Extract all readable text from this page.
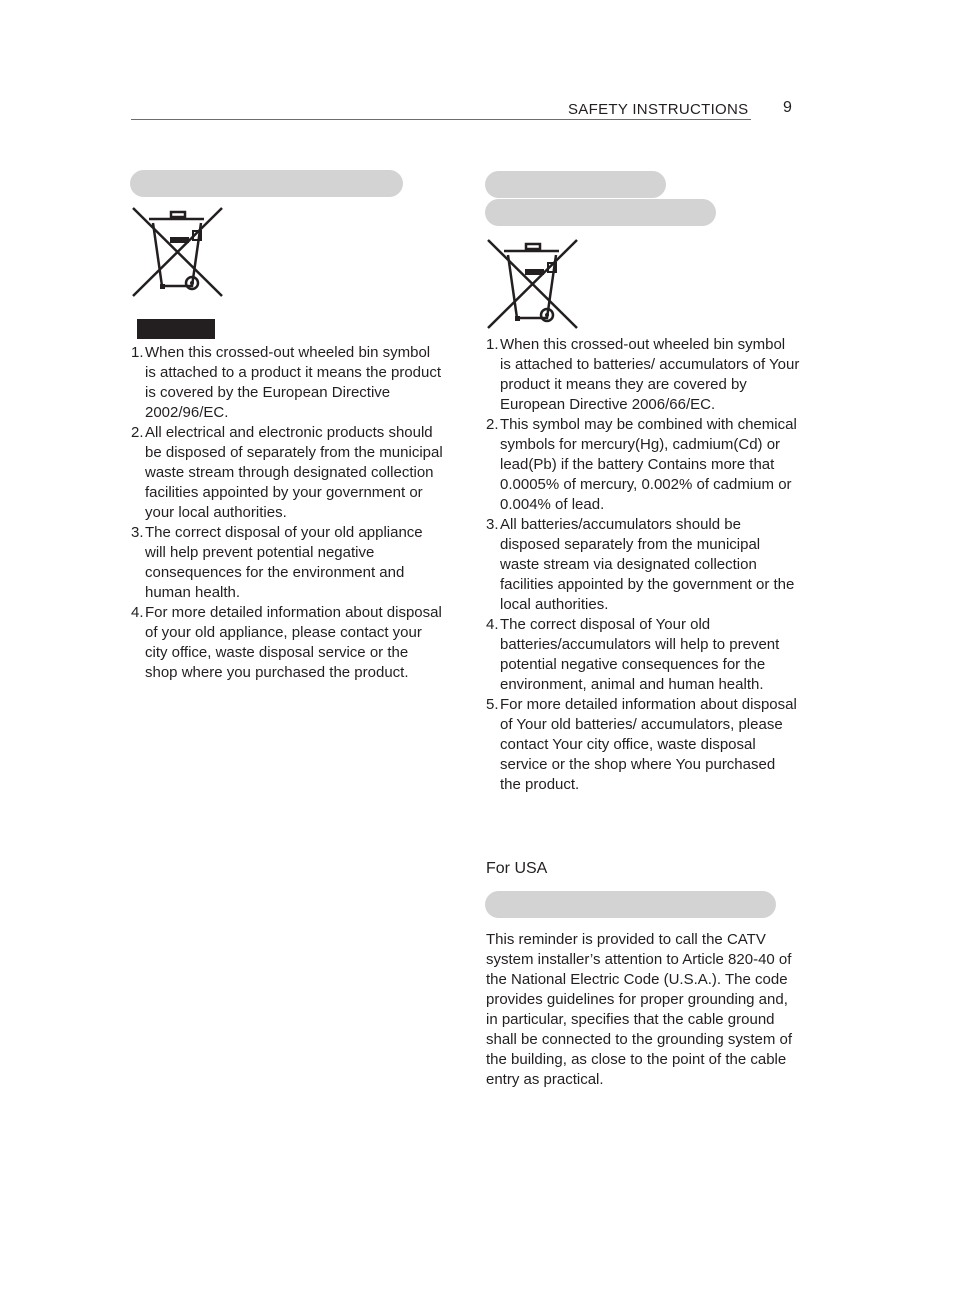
SAFETY INSTRUCTIONS 9
1. When this crossed-out wheeled bin symbol is attached to a product it means the product is covered by the European Directive 2002/96/EC.
2. All electrical and electronic products should be disposed of separately from the municipal waste stream through designated collection facilities appointed by your government or your local authorities.
3. The correct disposal of your old appliance will help prevent potential negative consequences for the environment and human health.
4. For more detailed information about disposal of your old appliance, please contact your city office, waste disposal service or the shop where you purchased the product.
1. When this crossed-out wheeled bin symbol is attached to batteries/ accumulators of Your product it means they are covered by European Directive 2006/66/EC.
2. This symbol may be combined with chemical symbols for mercury(Hg), cadmium(Cd) or lead(Pb) if the battery Contains more that 0.0005% of mercury, 0.002% of cadmium or 0.004% of lead.
3. All batteries/accumulators should be disposed separately from the municipal waste stream via designated collection facilities appointed by the government or the local authorities.
4. The correct disposal of Your old batteries/accumulators will help to prevent potential negative consequences for the environment, animal and human health.
5. For more detailed information about disposal of Your old batteries/ accumulators, please contact Your city office, waste disposal service or the shop where You purchased the product.
For USA

This reminder is provided to call the CATV system installer’s attention to Article 820-40 of the National Electric Code (U.S.A.). The code provides guidelines for proper grounding and, in particular, specifies that the cable ground shall be connected to the grounding system of the building, as close to the point of the cable entry as practical.
